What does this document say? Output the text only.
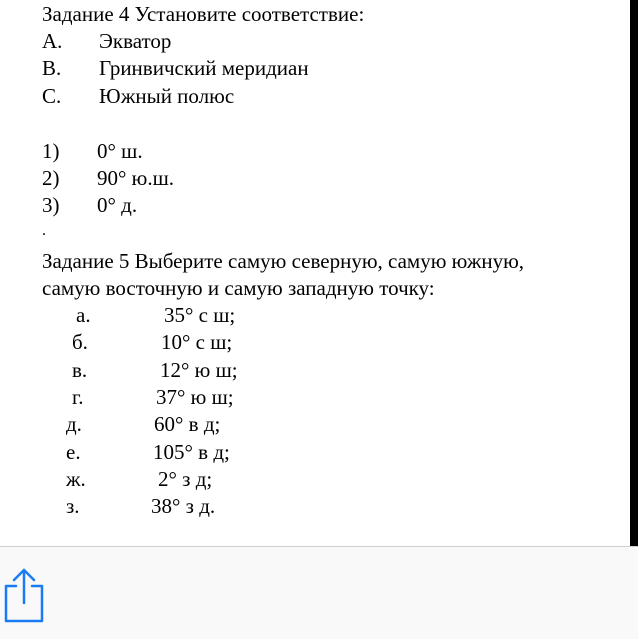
Задание 4 Установите соответствие:
A. Экватор
B. Гринвичский меридиан
C. Южный полюс
1) 0° ш.
2) 90° ю.ш.
3) 0° д.
.
Задание 5 Выберите самую северную, самую южную,
самую восточную и самую западную точку:
а.	35° с ш;
б.	10° с ш;
в.	12° ю ш;
г.	37° ю ш;
д.	60° в д;
е.	105° в д;
ж.	2° з д;
з.	38° з д.
